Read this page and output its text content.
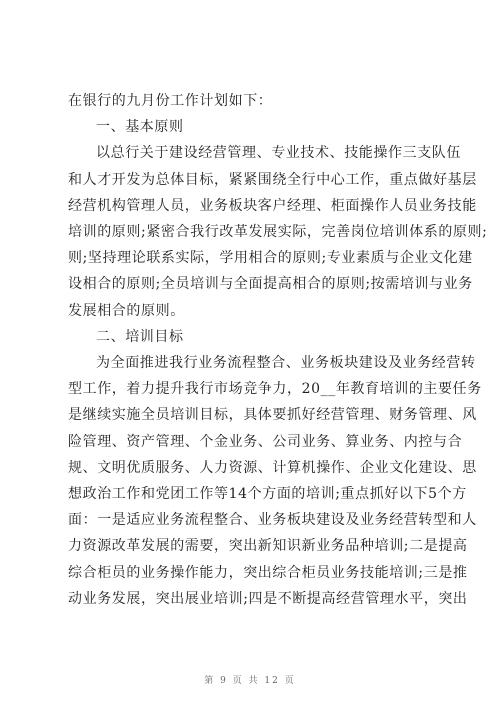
在银行的九月份工作计划如下：
一、基本原则
以总行关于建设经营管理、专业技术、技能操作三支队伍
和人才开发为总体目标，紧紧围绕全行中心工作，重点做好基层
经营机构管理人员，业务板块客户经理、柜面操作人员业务技能
培训的原则;紧密合我行改革发展实际，完善岗位培训体系的原则;
则;坚持理论联系实际，学用相合的原则;专业素质与企业文化建
设相合的原则;全员培训与全面提高相合的原则;按需培训与业务
发展相合的原则。
二、培训目标
为全面推进我行业务流程整合、业务板块建设及业务经营转
型工作，着力提升我行市场竞争力，20__年教育培训的主要任务
是继续实施全员培训目标，具体要抓好经营管理、财务管理、风
险管理、资产管理、个金业务、公司业务、算业务、内控与合
规、文明优质服务、人力资源、计算机操作、企业文化建设、思
想政治工作和党团工作等14个方面的培训;重点抓好以下5个方
面：一是适应业务流程整合、业务板块建设及业务经营转型和人
力资源改革发展的需要，突出新知识新业务品种培训;二是提高
综合柜员的业务操作能力，突出综合柜员业务技能培训;三是推
动业务发展，突出展业培训;四是不断提高经营管理水平，突出
第 9 页 共 12 页
